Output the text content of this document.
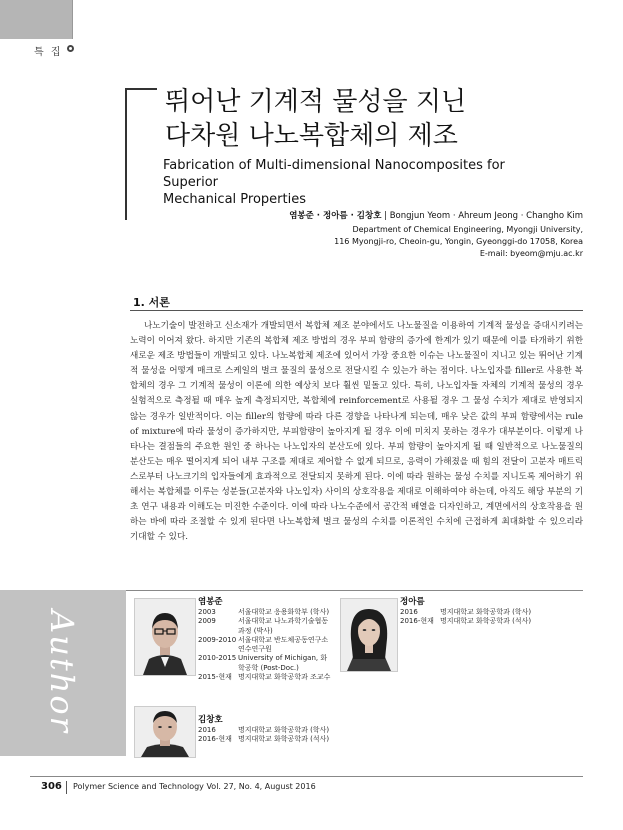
특 집
뛰어난 기계적 물성을 지닌
다차원 나노복합체의 제조
Fabrication of Multi-dimensional Nanocomposites for Superior
Mechanical Properties
염봉준 · 정아름 · 김창호 | Bongjun Yeom · Ahreum Jeong · Changho Kim
Department of Chemical Engineering, Myongji University,
116 Myongji-ro, Cheoin-gu, Yongin, Gyeonggi-do 17058, Korea
E-mail: byeom@mju.ac.kr
1. 서론

나노기술이 발전하고 신소재가 개발되면서 복합체 제조 분야에서도 나노물질을 이용하여 기계적 물성을 증대시키려는 노력이 이어져 왔다. 하지만 기존의 복합체 제조 방법의 경우 부피 함량의 증가에 한계가 있기 때문에 이를 타개하기 위한 새로운 제조 방법들이 개발되고 있다. 나노복합체 제조에 있어서 가장 중요한 이슈는 나노물질이 지니고 있는 뛰어난 기계적 물성을 어떻게 매크로 스케일의 벌크 물질의 물성으로 전달시킬 수 있는가 하는 점이다. 나노입자를 filler로 사용한 복합체의 경우 그 기계적 물성이 이론에 의한 예상치 보다 훨씬 밑돌고 있다. 특히, 나노입자들 자체의 기계적 물성의 경우 실험적으로 측정될 때 매우 높게 측정되지만, 복합체에 reinforcement로 사용될 경우 그 물성 수치가 제대로 반영되지 않는 경우가 일반적이다. 이는 filler의 함량에 따라 다른 경향을 나타나게 되는데, 매우 낮은 값의 부피 함량에서는 rule of mixture에 따라 물성이 증가하지만, 부피함량이 높아지게 될 경우 이에 미치지 못하는 경우가 대부분이다. 이렇게 나타나는 결점들의 주요한 원인 중 하나는 나노입자의 분산도에 있다. 부피 함량이 높아지게 될 때 일반적으로 나노물질의 분산도는 매우 떨어지게 되어 내부 구조를 제대로 제어할 수 없게 되므로, 응력이 가해졌을 때 힘의 전달이 고분자 매트릭스로부터 나노크기의 입자들에게 효과적으로 전달되지 못하게 된다. 이에 따라 원하는 물성 수치를 지니도록 제어하기 위해서는 복합체를 이루는 성분들(고분자와 나노입자) 사이의 상호작용을 제대로 이해하여야 하는데, 아직도 해당 부분의 기초 연구 내용과 이해도는 미진한 수준이다. 이에 따라 나노수준에서 공간적 배열을 디자인하고, 계면에서의 상호작용을 원하는 바에 따라 조절할 수 있게 된다면 나노복합체 벌크 물성의 수치를 이론적인 수치에 근접하게 최대화할 수 있으리라 기대할 수 있다.

Author
염봉준
2003	서울대학교 응용화학부 (학사)
2009	서울대학교 나노과학기술협동과정 (박사)
2009-2010 서울대학교 반도체공동연구소 연수연구원
2010-2015 University of Michigan, 화학공학 (Post-Doc.)
2015-현재 명지대학교 화학공학과 조교수
정아름
2016	명지대학교 화학공학과 (학사)
2016-현재 명지대학교 화학공학과 (석사)
김창호
2016	명지대학교 화학공학과 (학사)
2016-현재 명지대학교 화학공학과 (석사)
306 Polymer Science and Technology Vol. 27, No. 4, August 2016
